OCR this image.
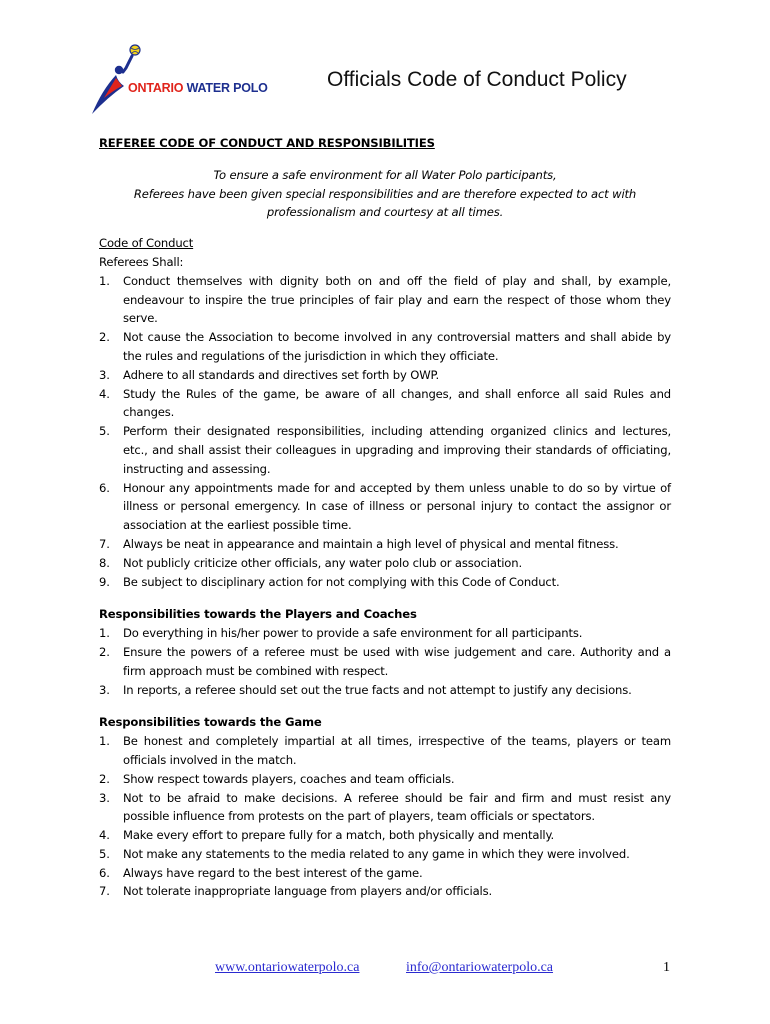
ONTARIO WATER POLO	Officials Code of Conduct Policy
REFEREE CODE OF CONDUCT AND RESPONSIBILITIES
To ensure a safe environment for all Water Polo participants,
Referees have been given special responsibilities and are therefore expected to act with
professionalism and courtesy at all times.
Code of Conduct
Referees Shall:
1. Conduct themselves with dignity both on and off the field of play and shall, by example, endeavour to inspire the true principles of fair play and earn the respect of those whom they serve.
2. Not cause the Association to become involved in any controversial matters and shall abide by the rules and regulations of the jurisdiction in which they officiate.
3. Adhere to all standards and directives set forth by OWP.
4. Study the Rules of the game, be aware of all changes, and shall enforce all said Rules and changes.
5. Perform their designated responsibilities, including attending organized clinics and lectures, etc., and shall assist their colleagues in upgrading and improving their standards of officiating, instructing and assessing.
6. Honour any appointments made for and accepted by them unless unable to do so by virtue of illness or personal emergency. In case of illness or personal injury to contact the assignor or association at the earliest possible time.
7. Always be neat in appearance and maintain a high level of physical and mental fitness.
8. Not publicly criticize other officials, any water polo club or association.
9. Be subject to disciplinary action for not complying with this Code of Conduct.
Responsibilities towards the Players and Coaches
1. Do everything in his/her power to provide a safe environment for all participants.
2. Ensure the powers of a referee must be used with wise judgement and care. Authority and a firm approach must be combined with respect.
3. In reports, a referee should set out the true facts and not attempt to justify any decisions.
Responsibilities towards the Game
1. Be honest and completely impartial at all times, irrespective of the teams, players or team officials involved in the match.
2. Show respect towards players, coaches and team officials.
3. Not to be afraid to make decisions. A referee should be fair and firm and must resist any possible influence from protests on the part of players, team officials or spectators.
4. Make every effort to prepare fully for a match, both physically and mentally.
5. Not make any statements to the media related to any game in which they were involved.
6. Always have regard to the best interest of the game.
7. Not tolerate inappropriate language from players and/or officials.
www.ontariowaterpolo.ca	info@ontariowaterpolo.ca	1
